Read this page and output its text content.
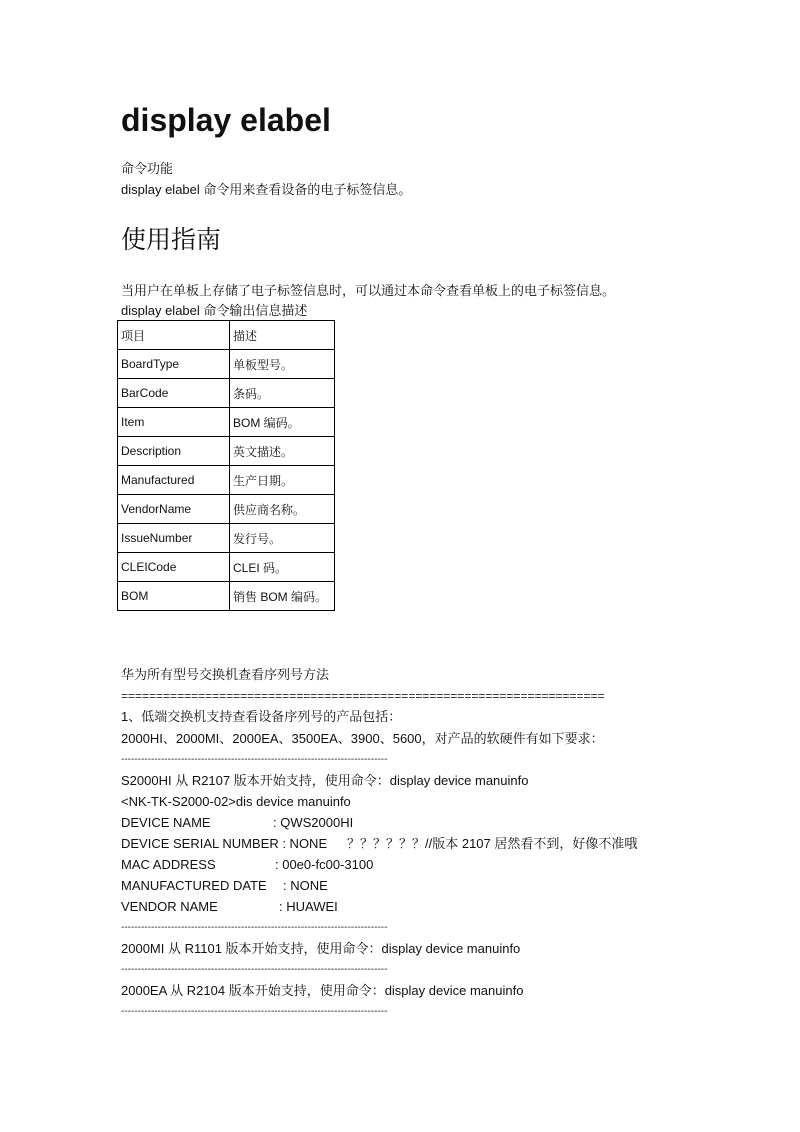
display elabel
命令功能
display elabel 命令用来查看设备的电子标签信息。
使用指南
当用户在单板上存储了电子标签信息时，可以通过本命令查看单板上的电子标签信息。
display elabel 命令输出信息描述
项目	描述
BoardType	单板型号。
BarCode	条码。
Item	BOM 编码。
Description	英文描述。
Manufactured	生产日期。
VendorName	供应商名称。
IssueNumber	发行号。
CLEICode	CLEI 码。
BOM	销售 BOM 编码。
华为所有型号交换机查看序列号方法
=====================================================================
1、低端交换机支持查看设备序列号的产品包括：
2000HI、2000MI、2000EA、3500EA、3900、5600，对产品的软硬件有如下要求：
--------------------------------------------------------------------------------
S2000HI 从 R2107 版本开始支持，使用命令：display device manuinfo
<NK-TK-S2000-02>dis device manuinfo
DEVICE NAME	: QWS2000HI
DEVICE SERIAL NUMBER : NONE ？？？？？？//版本 2107 居然看不到，好像不准哦
MAC ADDRESS	: 00e0-fc00-3100
MANUFACTURED DATE : NONE
VENDOR NAME	: HUAWEI
--------------------------------------------------------------------------------
2000MI 从 R1101 版本开始支持，使用命令：display device manuinfo
--------------------------------------------------------------------------------
2000EA 从 R2104 版本开始支持，使用命令：display device manuinfo
--------------------------------------------------------------------------------
